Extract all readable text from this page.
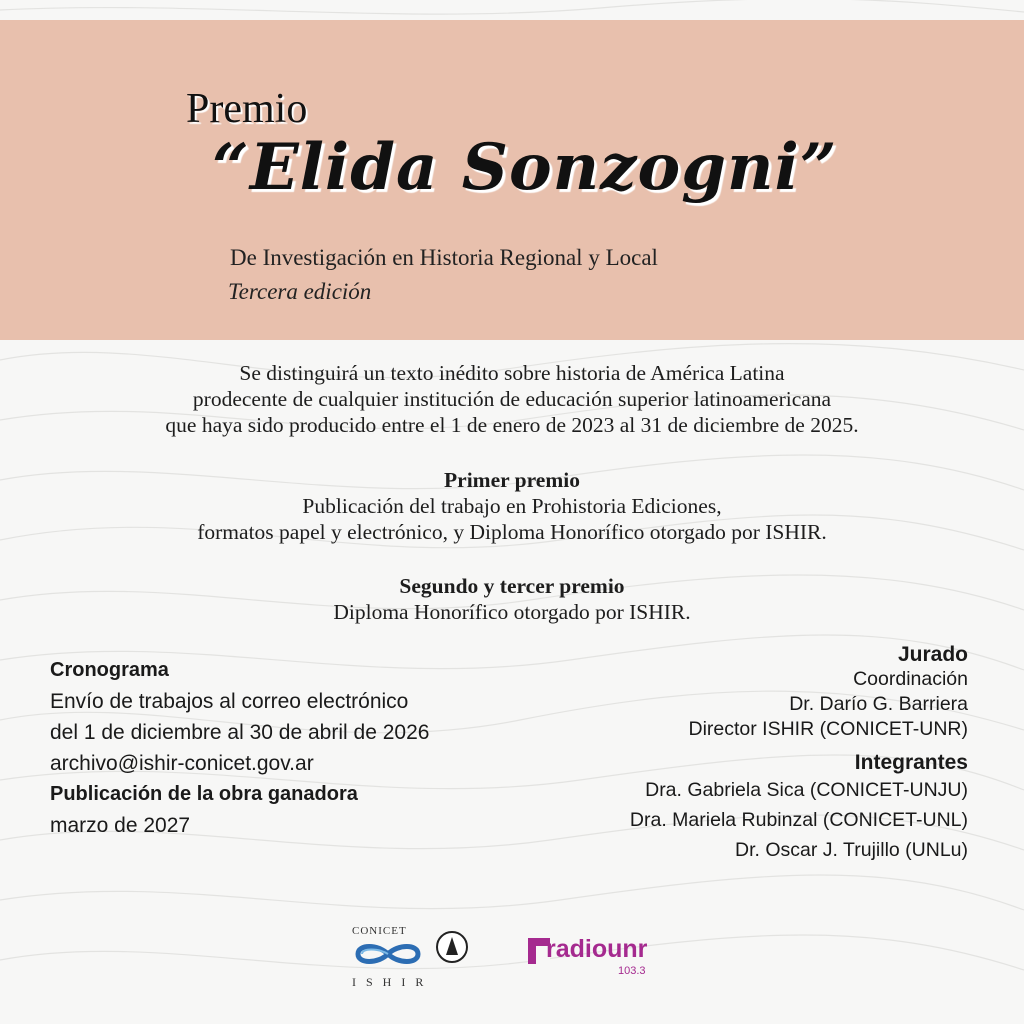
Premio
“Elida Sonzogni”
De Investigación en Historia Regional y Local
Tercera edición
Se distinguirá un texto inédito sobre historia de América Latina
prodecente de cualquier institución de educación superior latinoamericana
que haya sido producido entre el 1 de enero de 2023 al 31 de diciembre de 2025.
Primer premio
Publicación del trabajo en Prohistoria Ediciones,
formatos papel y electrónico, y Diploma Honorífico otorgado por ISHIR.
Segundo y tercer premio
Diploma Honorífico otorgado por ISHIR.
Cronograma
Envío de trabajos al correo electrónico
del 1 de diciembre al 30 de abril de 2026
archivo@ishir-conicet.gov.ar
Publicación de la obra ganadora
marzo de 2027
Jurado
Coordinación
Dr. Darío G. Barriera
Director ISHIR (CONICET-UNR)
Integrantes
Dra. Gabriela Sica (CONICET-UNJU)
Dra. Mariela Rubinzal (CONICET-UNL)
Dr. Oscar J. Trujillo (UNLu)
CONICET
ISHIR
radiounr
103.3
